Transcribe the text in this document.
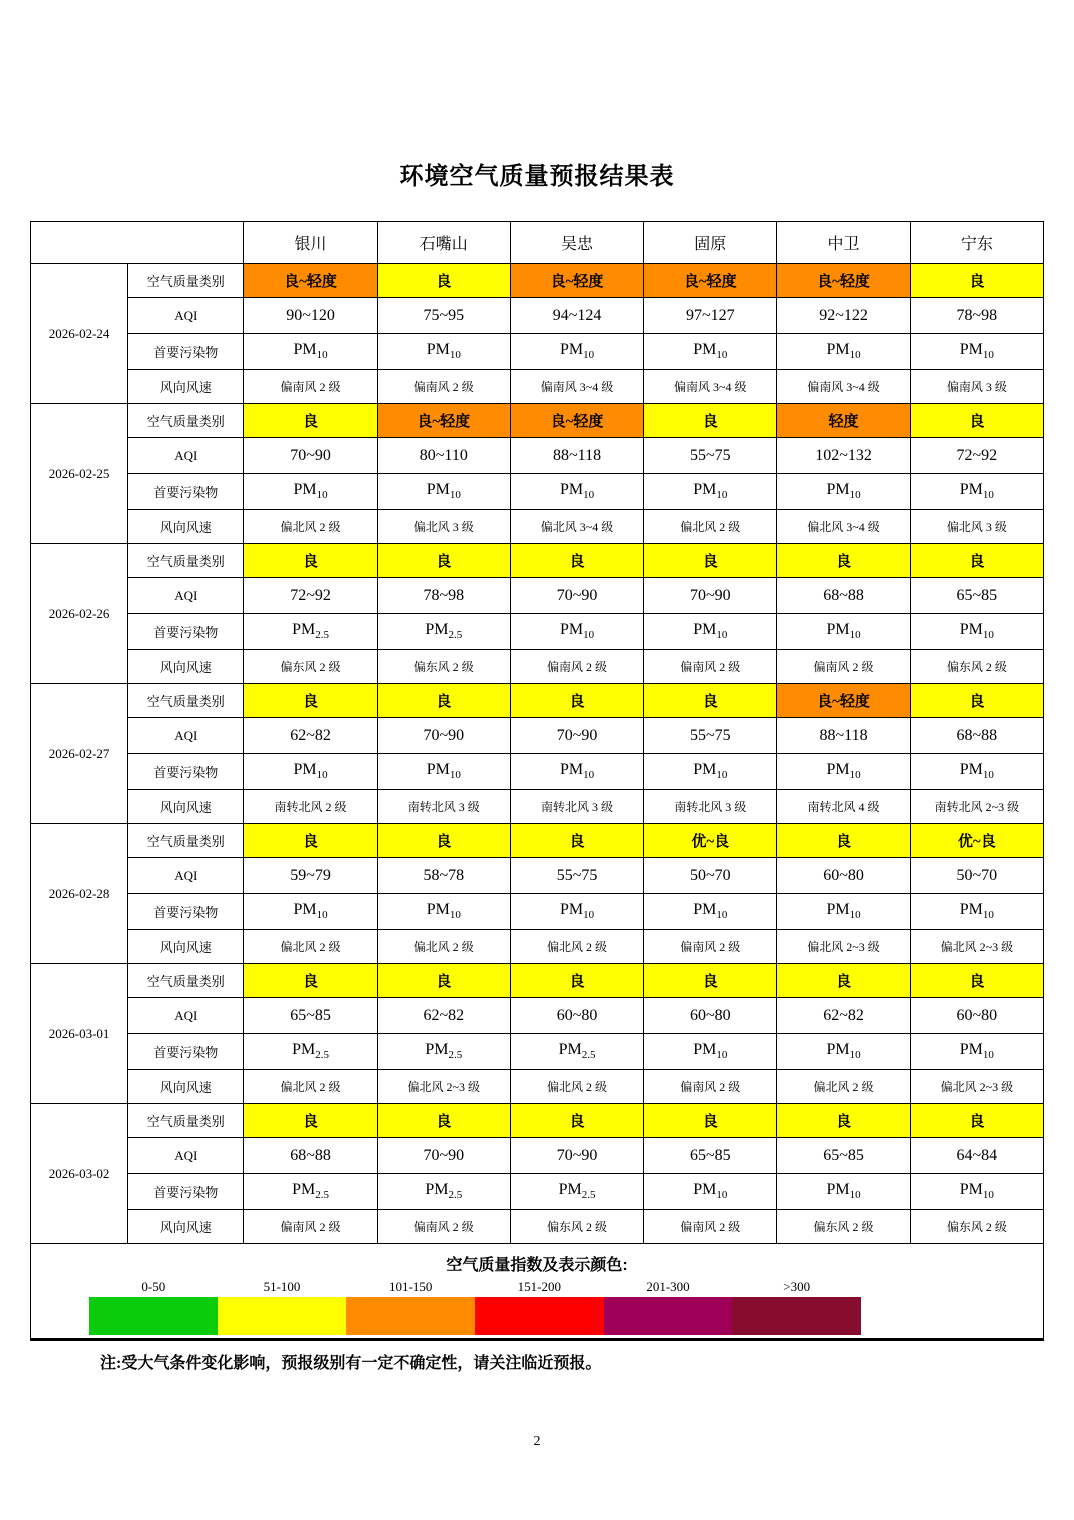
环境空气质量预报结果表
		银川	石嘴山	吴忠	固原	中卫	宁东
2026-02-24	空气质量类别	良~轻度	良	良~轻度	良~轻度	良~轻度	良
	AQI	90~120	75~95	94~124	97~127	92~122	78~98
	首要污染物	$PM_{10}$	$PM_{10}$	$PM_{10}$	$PM_{10}$	$PM_{10}$	$PM_{10}$
	风向风速	偏南风 2 级	偏南风 2 级	偏南风 3~4 级	偏南风 3~4 级	偏南风 3~4 级	偏南风 3 级
2026-02-25	空气质量类别	良	良~轻度	良~轻度	良	轻度	良
	AQI	70~90	80~110	88~118	55~75	102~132	72~92
	首要污染物	$PM_{10}$	$PM_{10}$	$PM_{10}$	$PM_{10}$	$PM_{10}$	$PM_{10}$
	风向风速	偏北风 2 级	偏北风 3 级	偏北风 3~4 级	偏北风 2 级	偏北风 3~4 级	偏北风 3 级
2026-02-26	空气质量类别	良	良	良	良	良	良
	AQI	72~92	78~98	70~90	70~90	68~88	65~85
	首要污染物	$PM_{2.5}$	$PM_{2.5}$	$PM_{10}$	$PM_{10}$	$PM_{10}$	$PM_{10}$
	风向风速	偏东风 2 级	偏东风 2 级	偏南风 2 级	偏南风 2 级	偏南风 2 级	偏东风 2 级
2026-02-27	空气质量类别	良	良	良	良	良~轻度	良
	AQI	62~82	70~90	70~90	55~75	88~118	68~88
	首要污染物	$PM_{10}$	$PM_{10}$	$PM_{10}$	$PM_{10}$	$PM_{10}$	$PM_{10}$
	风向风速	南转北风 2 级	南转北风 3 级	南转北风 3 级	南转北风 3 级	南转北风 4 级	南转北风 2~3 级
2026-02-28	空气质量类别	良	良	良	优~良	良	优~良
	AQI	59~79	58~78	55~75	50~70	60~80	50~70
	首要污染物	$PM_{10}$	$PM_{10}$	$PM_{10}$	$PM_{10}$	$PM_{10}$	$PM_{10}$
	风向风速	偏北风 2 级	偏北风 2 级	偏北风 2 级	偏南风 2 级	偏北风 2~3 级	偏北风 2~3 级
2026-03-01	空气质量类别	良	良	良	良	良	良
	AQI	65~85	62~82	60~80	60~80	62~82	60~80
	首要污染物	$PM_{2.5}$	$PM_{2.5}$	$PM_{2.5}$	$PM_{10}$	$PM_{10}$	$PM_{10}$
	风向风速	偏北风 2 级	偏北风 2~3 级	偏北风 2 级	偏南风 2 级	偏北风 2 级	偏北风 2~3 级
2026-03-02	空气质量类别	良	良	良	良	良	良
	AQI	68~88	70~90	70~90	65~85	65~85	64~84
	首要污染物	$PM_{2.5}$	$PM_{2.5}$	$PM_{2.5}$	$PM_{10}$	$PM_{10}$	$PM_{10}$
	风向风速	偏南风 2 级	偏南风 2 级	偏东风 2 级	偏南风 2 级	偏东风 2 级	偏东风 2 级

空气质量指数及表示颜色:
0-50	51-100	101-150	151-200	201-300	>300
注:受大气条件变化影响，预报级别有一定不确定性，请关注临近预报。
2
